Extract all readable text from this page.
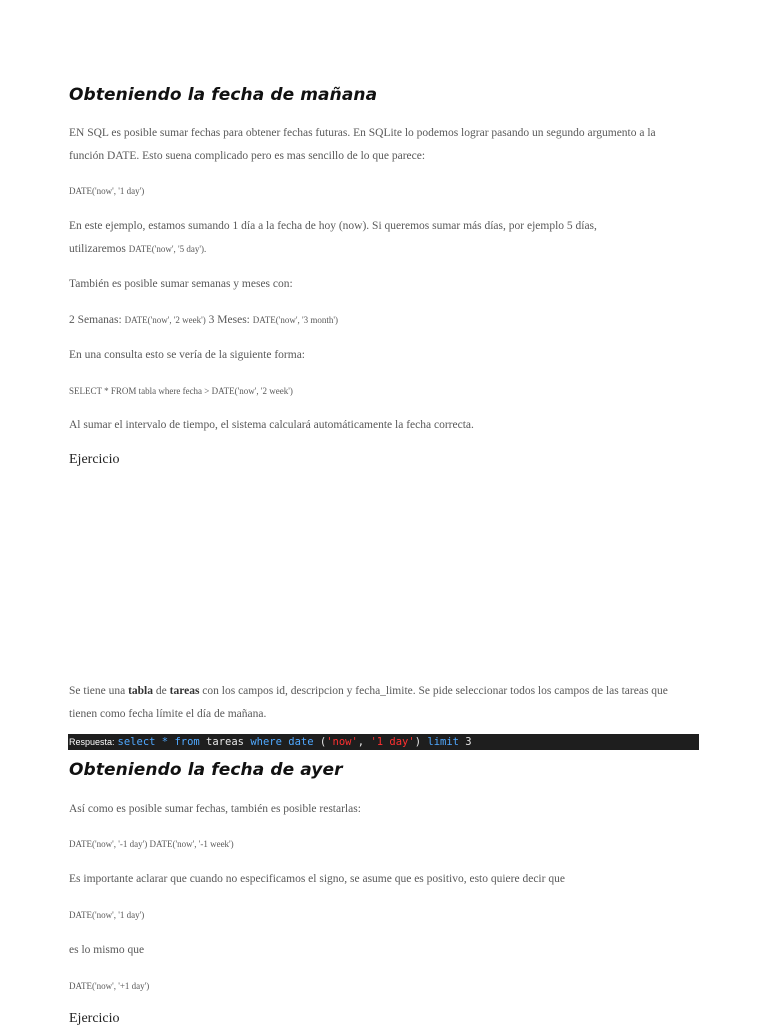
Obteniendo la fecha de mañana

EN SQL es posible sumar fechas para obtener fechas futuras. En SQLite lo podemos lograr pasando un segundo argumento a la

función DATE. Esto suena complicado pero es mas sencillo de lo que parece:

DATE('now', '1 day')

En este ejemplo, estamos sumando 1 día a la fecha de hoy (now). Si queremos sumar más días, por ejemplo 5 días,

utilizaremos DATE('now', '5 day').

También es posible sumar semanas y meses con:

2 Semanas: DATE('now', '2 week') 3 Meses: DATE('now', '3 month')

En una consulta esto se vería de la siguiente forma:

SELECT * FROM tabla where fecha > DATE('now', '2 week')

Al sumar el intervalo de tiempo, el sistema calculará automáticamente la fecha correcta.

Ejercicio

Se tiene una tabla de tareas con los campos id, descripcion y fecha_limite. Se pide seleccionar todos los campos de las tareas que

tienen como fecha límite el día de mañana.

Respuesta: select * from tareas where date ('now', '1 day') limit 3
Obteniendo la fecha de ayer

Así como es posible sumar fechas, también es posible restarlas:

DATE('now', '-1 day') DATE('now', '-1 week')

Es importante aclarar que cuando no especificamos el signo, se asume que es positivo, esto quiere decir que

DATE('now', '1 day')

es lo mismo que

DATE('now', '+1 day')

Ejercicio
